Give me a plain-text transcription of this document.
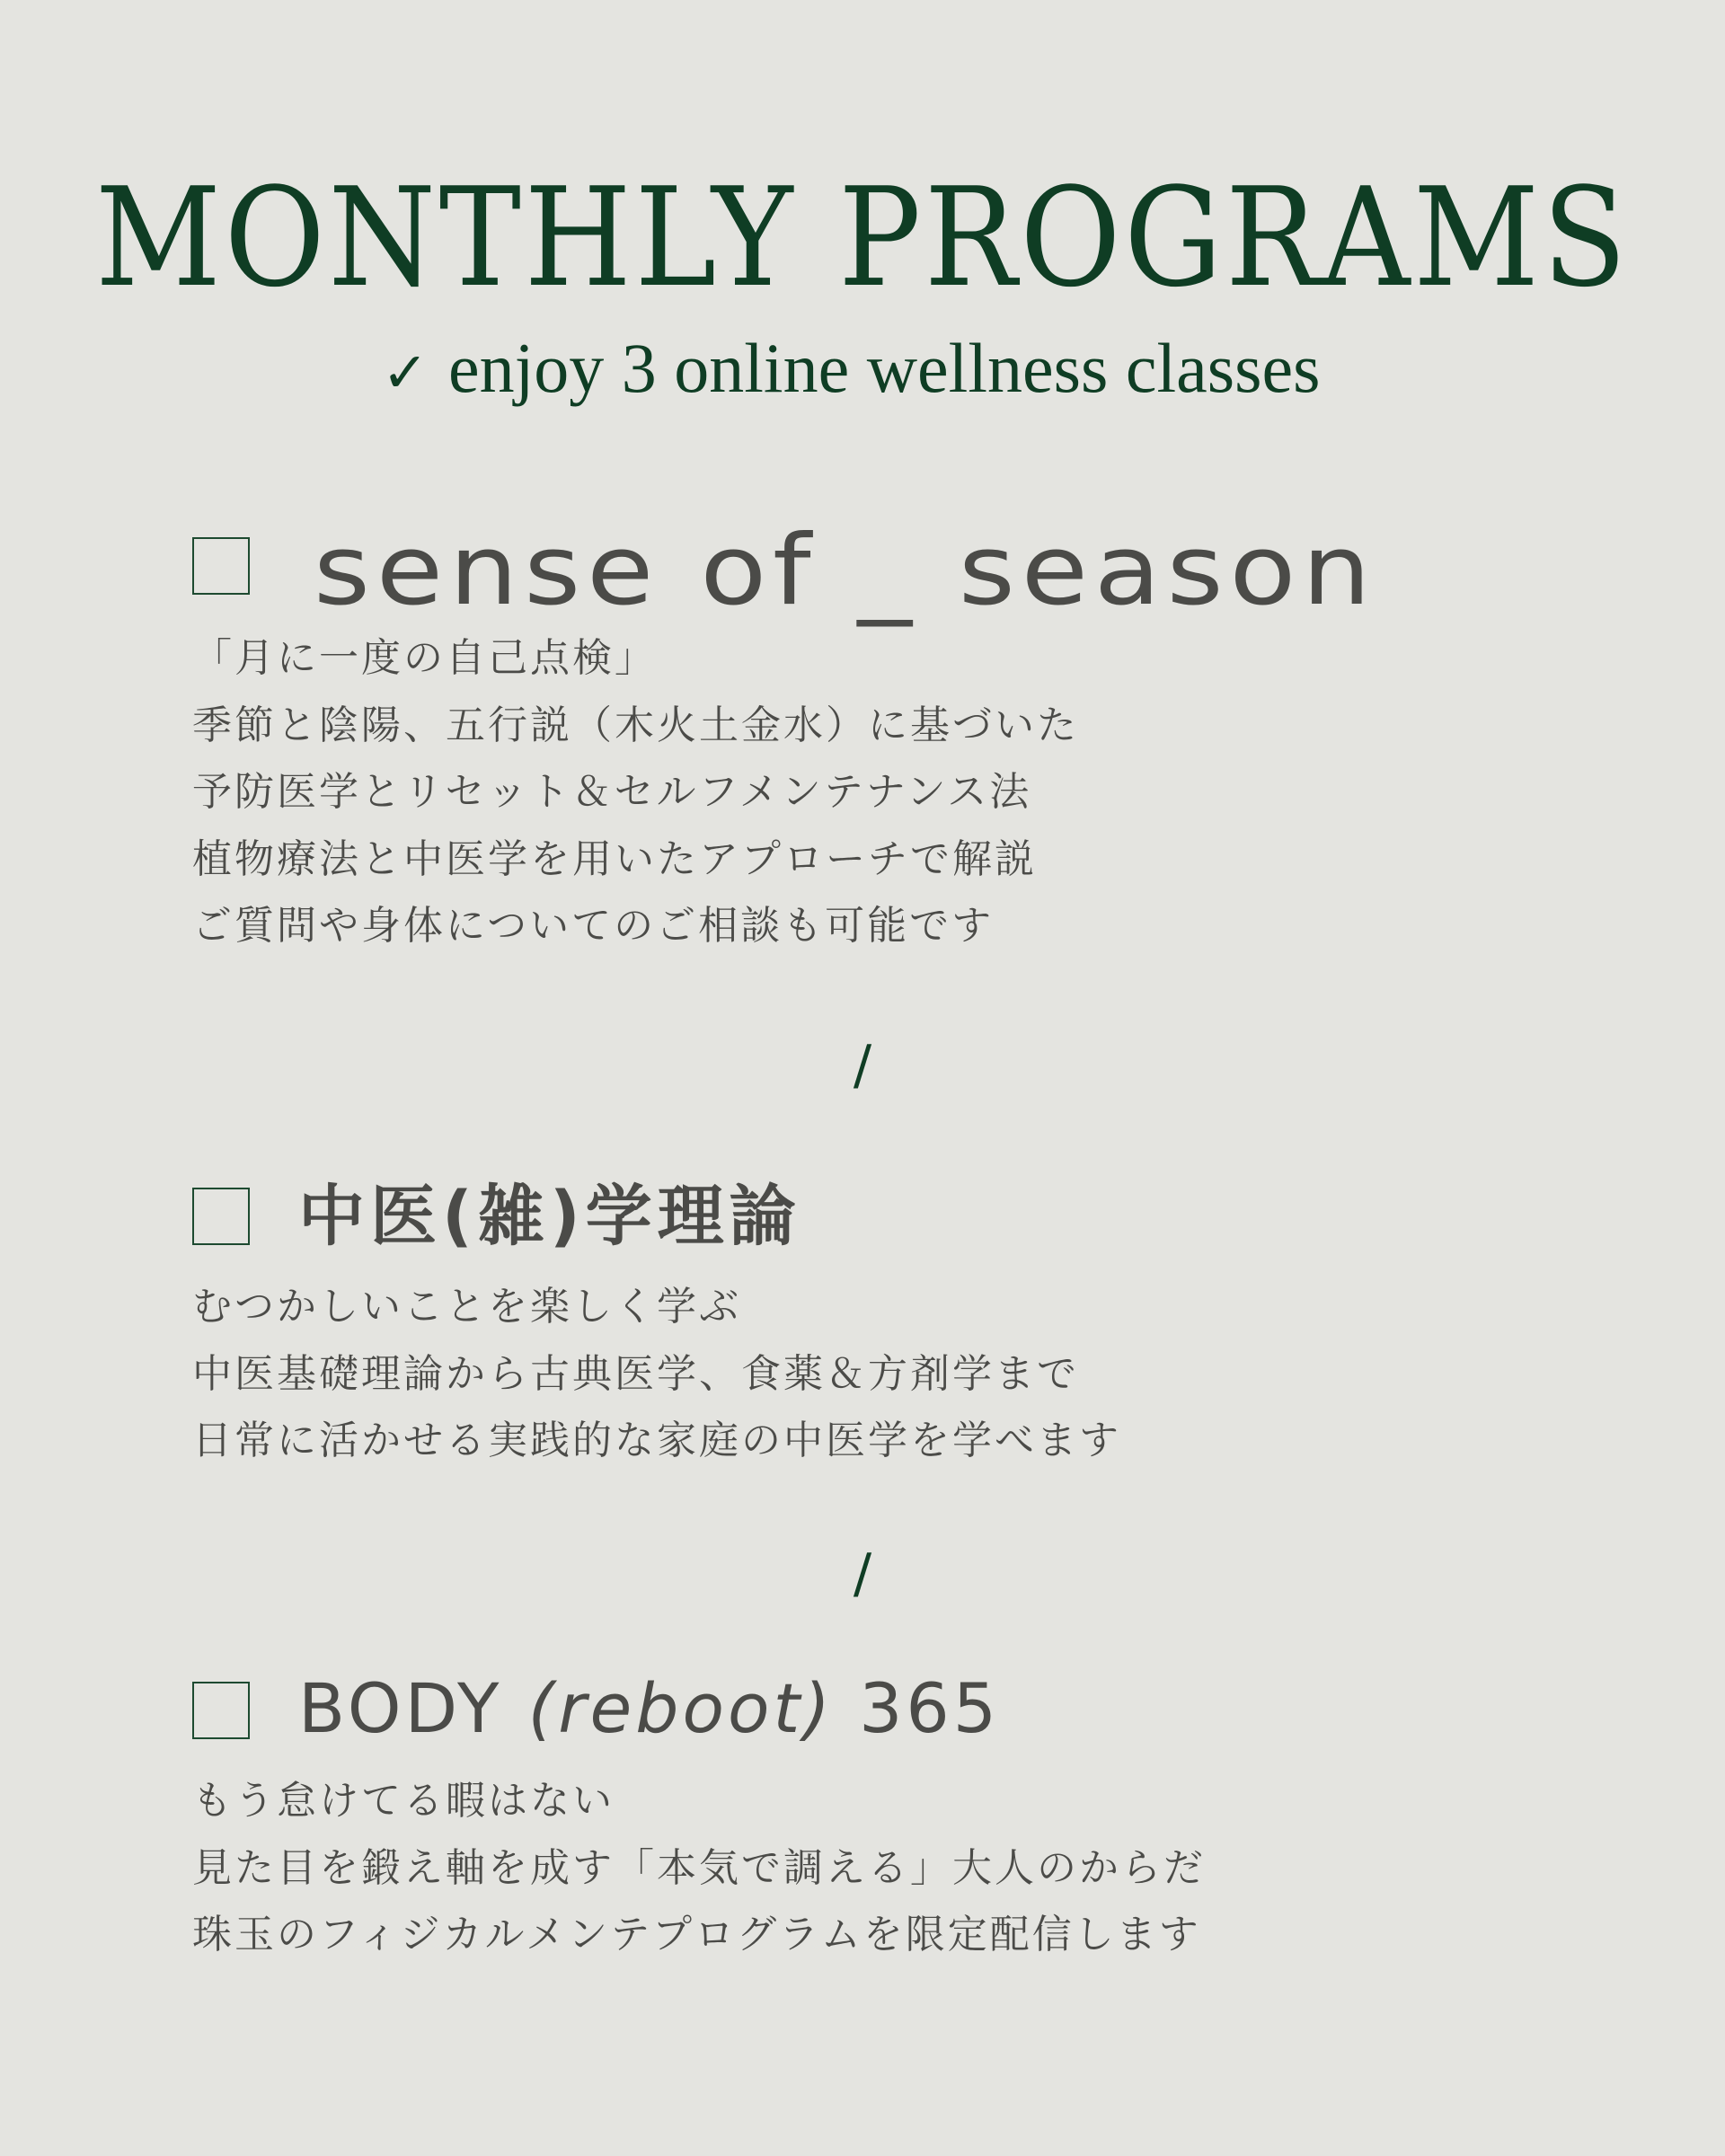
MONTHLY PROGRAMS
✓ enjoy 3 online wellness classes
sense of _ season
「月に一度の自己点検」
季節と陰陽、五行説（木火土金水）に基づいた
予防医学とリセット＆セルフメンテナンス法
植物療法と中医学を用いたアプローチで解説
ご質問や身体についてのご相談も可能です
/
中医(雑)学理論
むつかしいことを楽しく学ぶ
中医基礎理論から古典医学、食薬＆方剤学まで
日常に活かせる実践的な家庭の中医学を学べます
/
BODY (reboot) 365
もう怠けてる暇はない
見た目を鍛え軸を成す「本気で調える」大人のからだ
珠玉のフィジカルメンテプログラムを限定配信します
